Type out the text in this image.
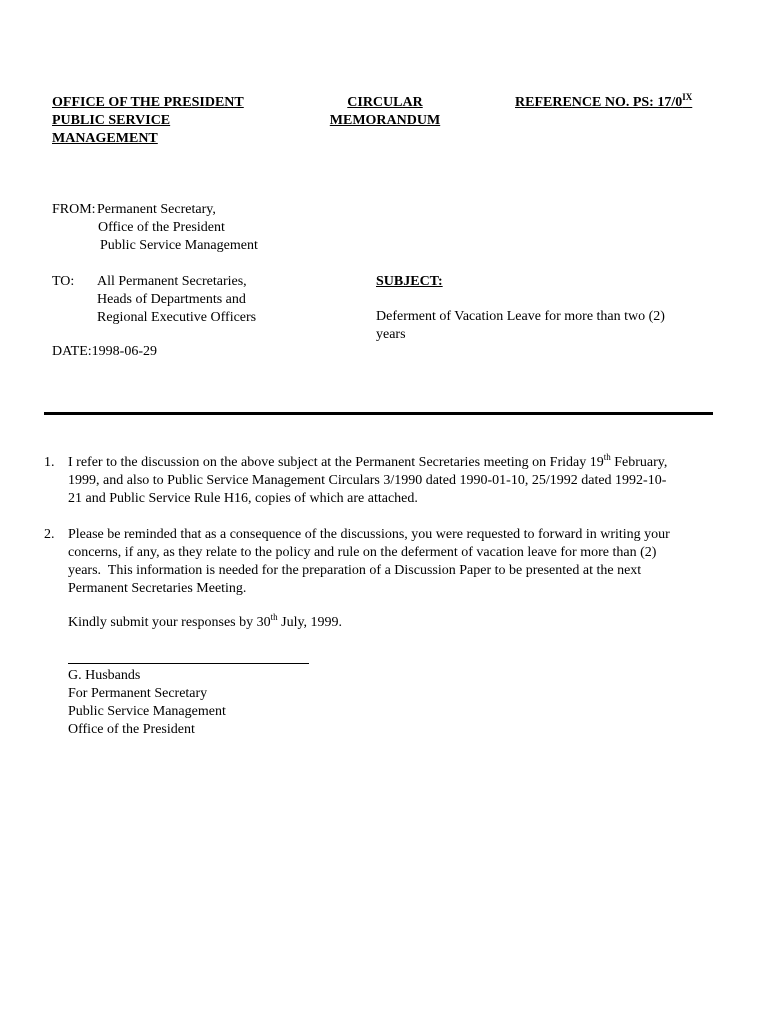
OFFICE OF THE PRESIDENT
PUBLIC SERVICE
MANAGEMENT
CIRCULAR
MEMORANDUM
REFERENCE NO. PS: $17/0^{IX}$
FROM: Permanent Secretary,
Office of the President
Public Service Management
TO: All Permanent Secretaries,
Heads of Departments and
Regional Executive Officers
SUBJECT:
Deferment of Vacation Leave for more than two (2)
years
DATE:1998-06-29
1. I refer to the discussion on the above subject at the Permanent Secretaries meeting on Friday 19th February,
1999, and also to Public Service Management Circulars 3/1990 dated 1990-01-10, 25/1992 dated 1992-10-
21 and Public Service Rule H16, copies of which are attached.
2. Please be reminded that as a consequence of the discussions, you were requested to forward in writing your
concerns, if any, as they relate to the policy and rule on the deferment of vacation leave for more than (2)
years.  This information is needed for the preparation of a Discussion Paper to be presented at the next
Permanent Secretaries Meeting.
Kindly submit your responses by 30th July, 1999.
G. Husbands
For Permanent Secretary
Public Service Management
Office of the President
